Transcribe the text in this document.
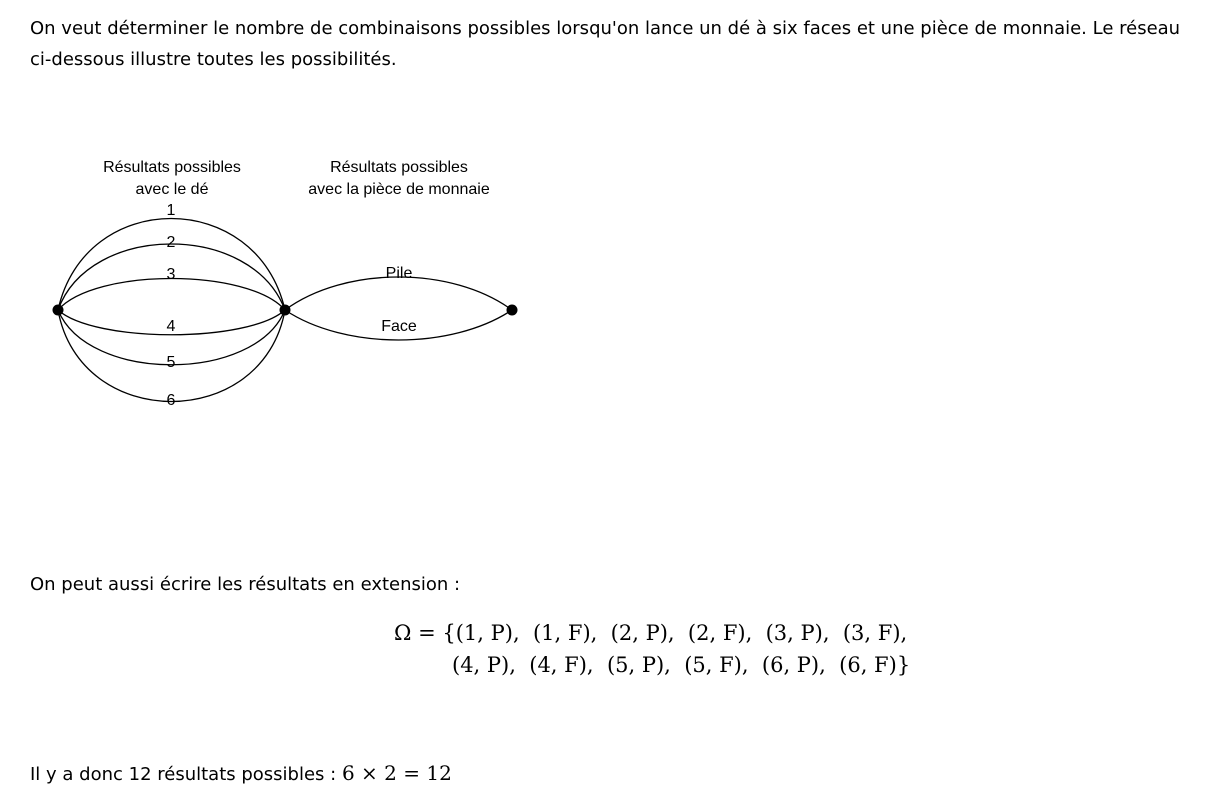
On veut déterminer le nombre de combinaisons possibles lorsqu'on lance un dé à six faces et une pièce de monnaie. Le réseau ci-dessous illustre toutes les possibilités.

Résultats possibles
avec le dé
Résultats possibles
avec la pièce de monnaie
1
2
3
4
5
6
Pile
Face

On peut aussi écrire les résultats en extension :

Ω = {(1, P),  (1, F),  (2, P),  (2, F),  (3, P),  (3, F),
(4, P),  (4, F),  (5, P),  (5, F),  (6, P),  (6, F)}

Il y a donc 12 résultats possibles : 6 × 2 = 12
